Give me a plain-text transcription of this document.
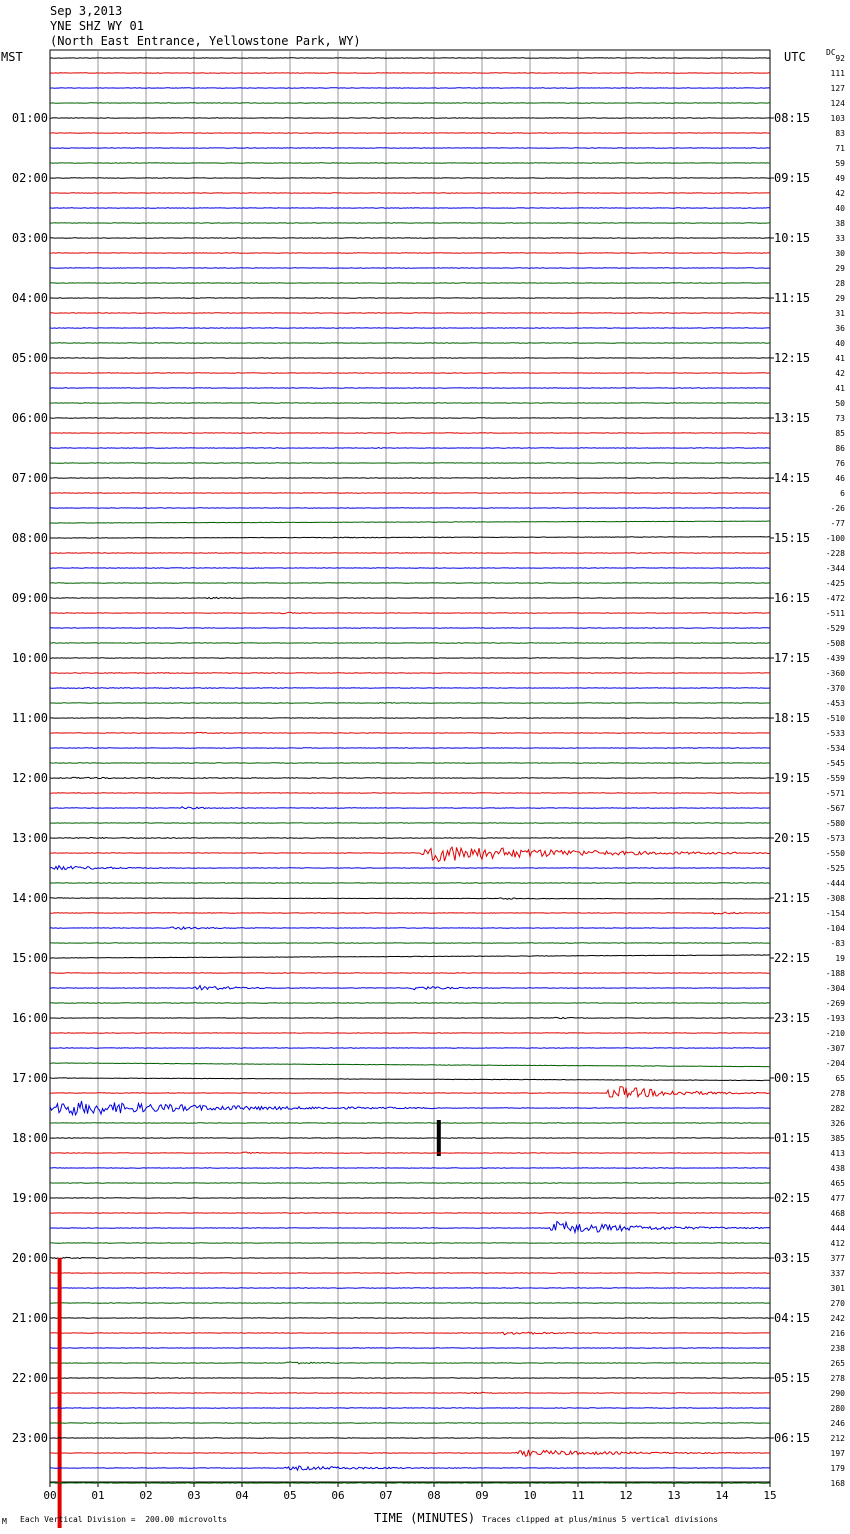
Sep 3,2013
YNE SHZ WY 01
(North East Entrance, Yellowstone Park, WY)
MST	UTC	DC
00	01	02	03	04	05	06	07	08	09	10	11	12	13	14	15
92
111
127
124
103
01:00	08:15
83
71
59
49
02:00	09:15
42
40
38
33
03:00	10:15
30
29
28
29
04:00	11:15
31
36
40
41
05:00	12:15
42
41
50
73
06:00	13:15
85
86
76
46
07:00	14:15
6
-26
-77
-100
08:00	15:15
-228
-344
-425
-472
09:00	16:15
-511
-529
-508
-439
10:00	17:15
-360
-370
-453
-510
11:00	18:15
-533
-534
-545
-559
12:00	19:15
-571
-567
-580
-573
13:00	20:15
-550
-525
-444
-308
14:00	21:15
-154
-104
-83
19
15:00	22:15
-188
-304
-269
-193
16:00	23:15
-210
-307
-204
65
17:00	00:15
278
282
326
385
18:00	01:15
413
438
465
477
19:00	02:15
468
444
412
377
20:00	03:15
337
301
270
242
21:00	04:15
216
238
265
278
22:00	05:15
290
280
246
212
23:00	06:15
197
179
168
M Each Vertical Division =  200.00 microvolts	TIME (MINUTES) Traces clipped at plus/minus 5 vertical divisions
